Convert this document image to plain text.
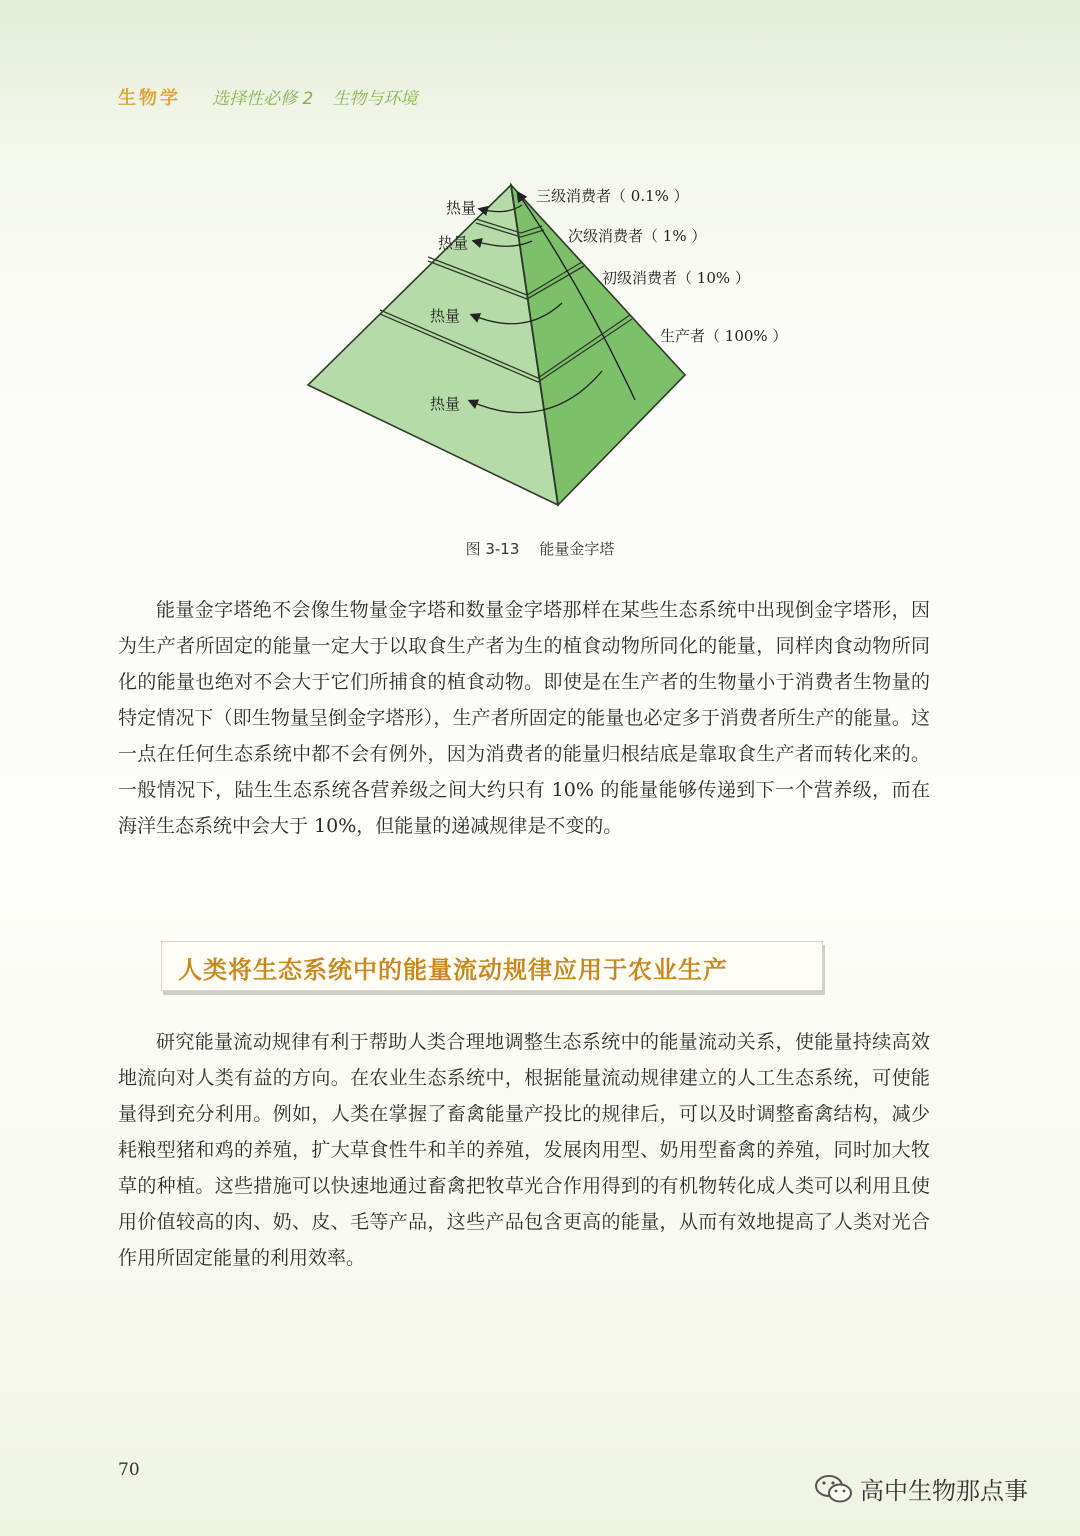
生物学 选择性必修 2 生物与环境
热量
热量
热量
热量
三级消费者（ 0.1% ）
次级消费者（ 1% ）
初级消费者（ 10% ）
生产者（ 100% ）
图 3-13 能量金字塔

能量金字塔绝不会像生物量金字塔和数量金字塔那样在某些生态系统中出现倒金字塔形，因为生产者所固定的能量一定大于以取食生产者为生的植食动物所同化的能量，同样肉食动物所同化的能量也绝对不会大于它们所捕食的植食动物。即使是在生产者的生物量小于消费者生物量的特定情况下（即生物量呈倒金字塔形），生产者所固定的能量也必定多于消费者所生产的能量。这一点在任何生态系统中都不会有例外，因为消费者的能量归根结底是靠取食生产者而转化来的。一般情况下，陆生生态系统各营养级之间大约只有 10% 的能量能够传递到下一个营养级，而在海洋生态系统中会大于 10%，但能量的递减规律是不变的。

人类将生态系统中的能量流动规律应用于农业生产

研究能量流动规律有利于帮助人类合理地调整生态系统中的能量流动关系，使能量持续高效地流向对人类有益的方向。在农业生态系统中，根据能量流动规律建立的人工生态系统，可使能量得到充分利用。例如，人类在掌握了畜禽能量产投比的规律后，可以及时调整畜禽结构，减少耗粮型猪和鸡的养殖，扩大草食性牛和羊的养殖，发展肉用型、奶用型畜禽的养殖，同时加大牧草的种植。这些措施可以快速地通过畜禽把牧草光合作用得到的有机物转化成人类可以利用且使用价值较高的肉、奶、皮、毛等产品，这些产品包含更高的能量，从而有效地提高了人类对光合作用所固定能量的利用效率。

70
高中生物那点事
